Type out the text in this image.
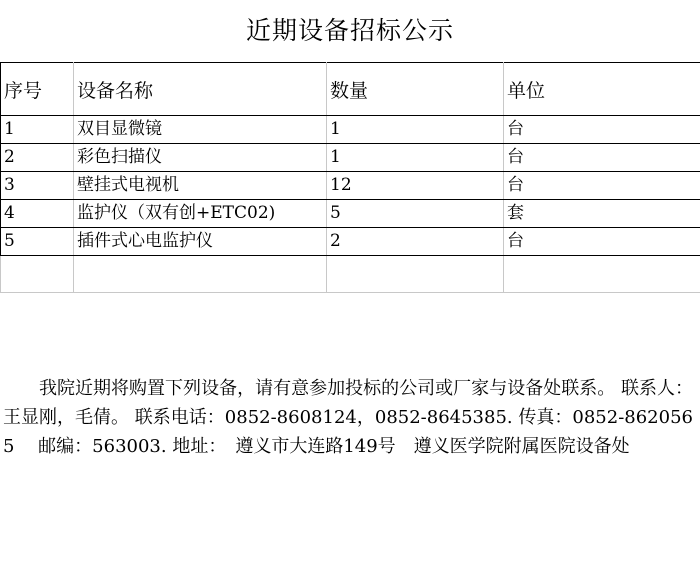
近期设备招标公示
序号	设备名称	数量	单位
1	双目显微镜	1	台
2	彩色扫描仪	1	台
3	壁挂式电视机	12	台
4	监护仪（双有创+ETC02)	5	套
5	插件式心电监护仪	2	台

我院近期将购置下列设备，请有意参加投标的公司或厂家与设备处联系。 联系人：王显刚，毛倩。 联系电话：0852-8608124，0852-8645385. 传真：0852-8620565　 邮编：563003. 地址：　遵义市大连路149号　遵义医学院附属医院设备处
